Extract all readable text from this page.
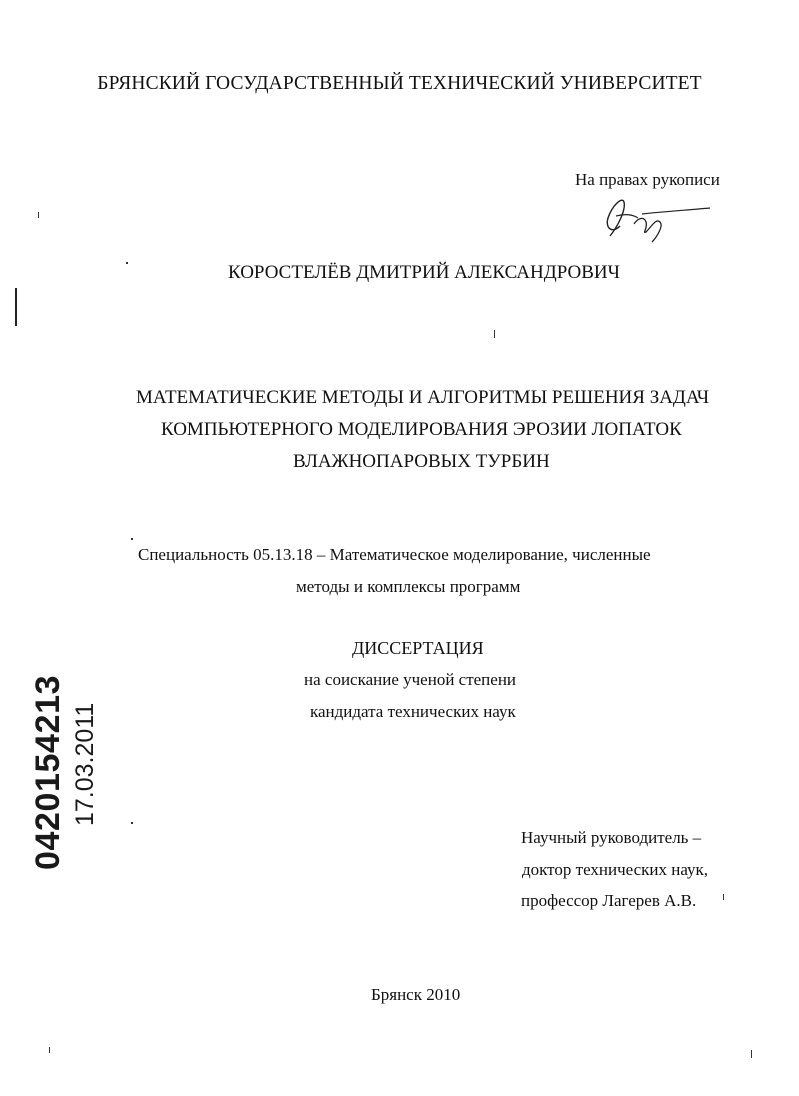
БРЯНСКИЙ ГОСУДАРСТВЕННЫЙ ТЕХНИЧЕСКИЙ УНИВЕРСИТЕТ
На правах рукописи
КОРОСТЕЛЁВ ДМИТРИЙ АЛЕКСАНДРОВИЧ
МАТЕМАТИЧЕСКИЕ МЕТОДЫ И АЛГОРИТМЫ РЕШЕНИЯ ЗАДАЧ
КОМПЬЮТЕРНОГО МОДЕЛИРОВАНИЯ ЭРОЗИИ ЛОПАТОК
ВЛАЖНОПАРОВЫХ ТУРБИН
Специальность 05.13.18 – Математическое моделирование, численные
методы и комплексы программ
ДИССЕРТАЦИЯ
на соискание ученой степени
кандидата технических наук
Научный руководитель –
доктор технических наук,
профессор Лагерев А.В.
Брянск 2010
0420154213 17.03.2011
